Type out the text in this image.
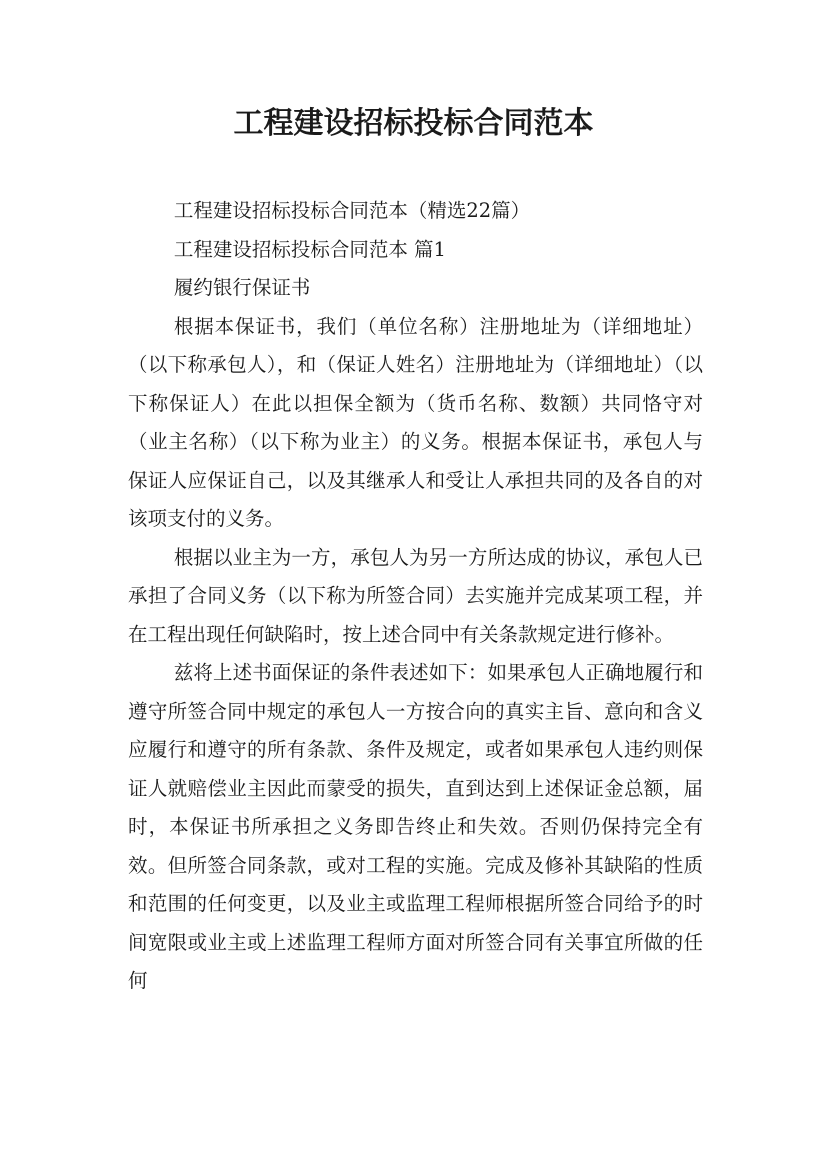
工程建设招标投标合同范本

工程建设招标投标合同范本（精选22篇）

工程建设招标投标合同范本 篇1

履约银行保证书

根据本保证书，我们（单位名称）注册地址为（详细地址）（以下称承包人），和（保证人姓名）注册地址为（详细地址）（以下称保证人）在此以担保全额为（货币名称、数额）共同恪守对（业主名称）（以下称为业主）的义务。根据本保证书，承包人与保证人应保证自己，以及其继承人和受让人承担共同的及各自的对该项支付的义务。

根据以业主为一方，承包人为另一方所达成的协议，承包人已承担了合同义务（以下称为所签合同）去实施并完成某项工程，并在工程出现任何缺陷时，按上述合同中有关条款规定进行修补。

兹将上述书面保证的条件表述如下：如果承包人正确地履行和遵守所签合同中规定的承包人一方按合向的真实主旨、意向和含义应履行和遵守的所有条款、条件及规定，或者如果承包人违约则保证人就赔偿业主因此而蒙受的损失，直到达到上述保证金总额，届时，本保证书所承担之义务即告终止和失效。否则仍保持完全有效。但所签合同条款，或对工程的实施。完成及修补其缺陷的性质和范围的任何变更，以及业主或监理工程师根据所签合同给予的时间宽限或业主或上述监理工程师方面对所签合同有关事宜所做的任何
